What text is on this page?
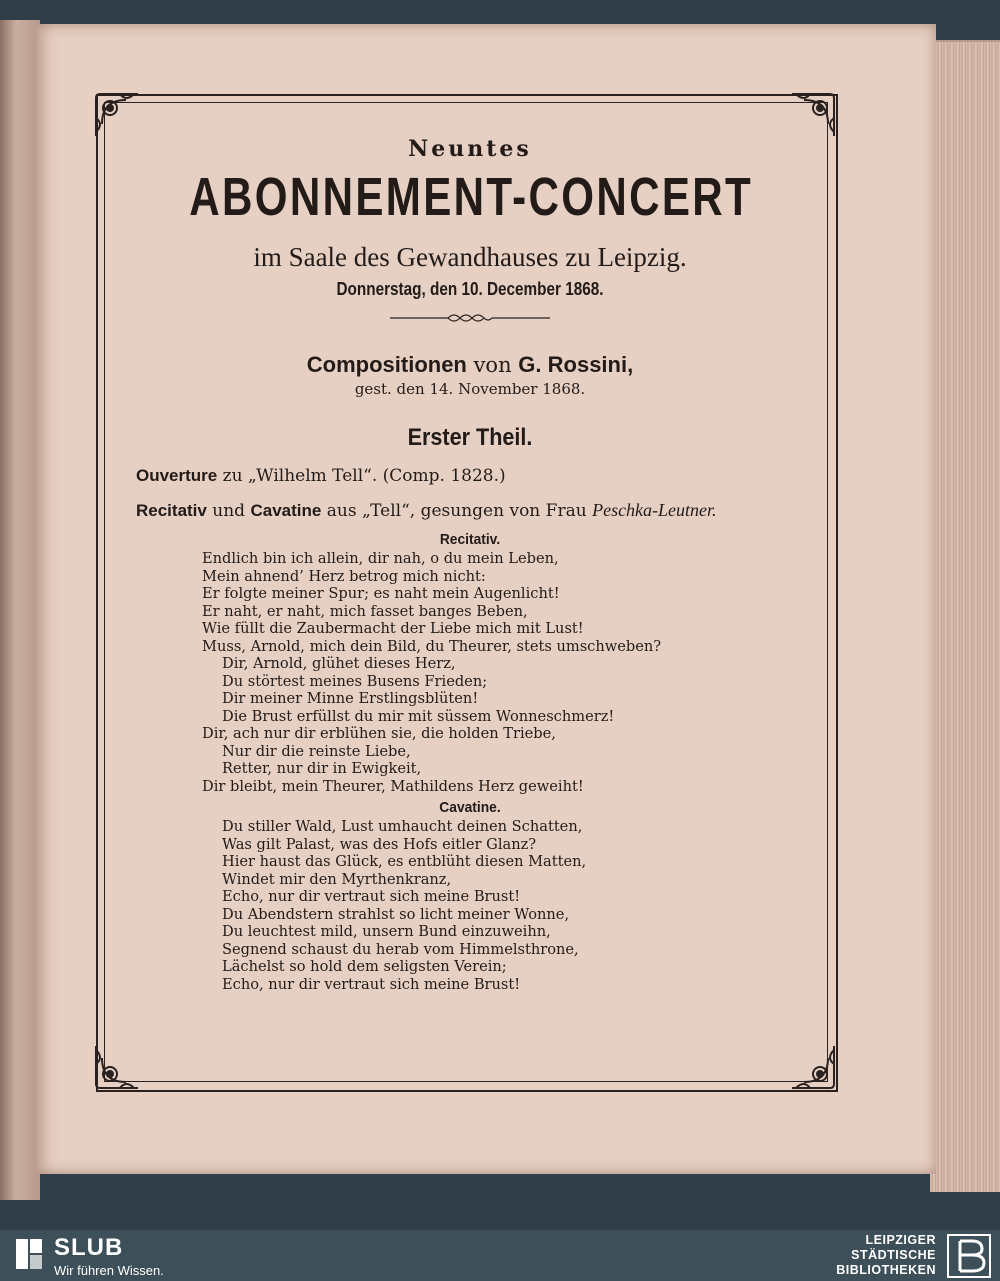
Neuntes
ABONNEMENT-CONCERT
im Saale des Gewandhauses zu Leipzig.
Donnerstag, den 10. December 1868.
Compositionen von G. Rossini,
gest. den 14. November 1868.
Erster Theil.
Ouverture zu „Wilhelm Tell“. (Comp. 1828.)
Recitativ und Cavatine aus „Tell“, gesungen von Frau Peschka-Leutner.
Recitativ.
Endlich bin ich allein, dir nah, o du mein Leben,
Mein ahnend’ Herz betrog mich nicht:
Er folgte meiner Spur; es naht mein Augenlicht!
Er naht, er naht, mich fasset banges Beben,
Wie füllt die Zaubermacht der Liebe mich mit Lust!
Muss, Arnold, mich dein Bild, du Theurer, stets umschweben?
Dir, Arnold, glühet dieses Herz,
Du störtest meines Busens Frieden;
Dir meiner Minne Erstlingsblüten!
Die Brust erfüllst du mir mit süssem Wonneschmerz!
Dir, ach nur dir erblühen sie, die holden Triebe,
Nur dir die reinste Liebe,
Retter, nur dir in Ewigkeit,
Dir bleibt, mein Theurer, Mathildens Herz geweiht!
Cavatine.
Du stiller Wald, Lust umhaucht deinen Schatten,
Was gilt Palast, was des Hofs eitler Glanz?
Hier haust das Glück, es entblüht diesen Matten,
Windet mir den Myrthenkranz,
Echo, nur dir vertraut sich meine Brust!
Du Abendstern strahlst so licht meiner Wonne,
Du leuchtest mild, unsern Bund einzuweihn,
Segnend schaust du herab vom Himmelsthrone,
Lächelst so hold dem seligsten Verein;
Echo, nur dir vertraut sich meine Brust!
SLUB
Wir führen Wissen.
LEIPZIGER
STÄDTISCHE
BIBLIOTHEKEN
